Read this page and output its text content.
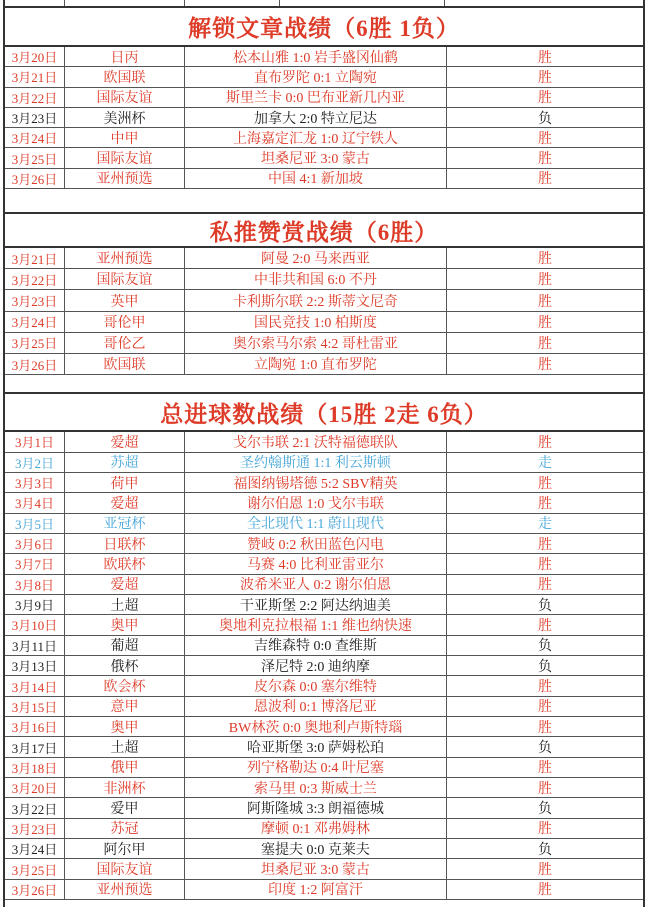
解锁文章战绩（6胜 1负）
3月20日	日丙	松本山雅 1:0 岩手盛冈仙鹤	胜
3月21日	欧国联	直布罗陀 0:1 立陶宛	胜
3月22日	国际友谊	斯里兰卡 0:0 巴布亚新几内亚	胜
3月23日	美洲杯	加拿大 2:0 特立尼达	负
3月24日	中甲	上海嘉定汇龙 1:0 辽宁铁人	胜
3月25日	国际友谊	坦桑尼亚 3:0 蒙古	胜
3月26日	亚州预选	中国 4:1 新加坡	胜
私推赞赏战绩（6胜）
3月21日	亚州预选	阿曼 2:0 马来西亚	胜
3月22日	国际友谊	中非共和国 6:0 不丹	胜
3月23日	英甲	卡利斯尔联 2:2 斯蒂文尼奇	胜
3月24日	哥伦甲	国民竞技 1:0 柏斯度	胜
3月25日	哥伦乙	奥尔索马尔索 4:2 哥杜雷亚	胜
3月26日	欧国联	立陶宛 1:0 直布罗陀	胜
总进球数战绩（15胜 2走 6负）
3月1日	爱超	戈尔韦联 2:1 沃特福德联队	胜
3月2日	苏超	圣约翰斯通 1:1 利云斯顿	走
3月3日	荷甲	福图纳锡塔德 5:2 SBV精英	胜
3月4日	爱超	谢尔伯恩 1:0 戈尔韦联	胜
3月5日	亚冠杯	全北现代 1:1 蔚山现代	走
3月6日	日联杯	赞岐 0:2 秋田蓝色闪电	胜
3月7日	欧联杯	马赛 4:0 比利亚雷亚尔	胜
3月8日	爱超	波希米亚人 0:2 谢尔伯恩	胜
3月9日	土超	干亚斯堡 2:2 阿达纳迪美	负
3月10日	奥甲	奥地利克拉根福 1:1 维也纳快速	胜
3月11日	葡超	吉维森特 0:0 查维斯	负
3月13日	俄杯	泽尼特 2:0 迪纳摩	负
3月14日	欧会杯	皮尔森 0:0 塞尔维特	胜
3月15日	意甲	恩波利 0:1 博洛尼亚	胜
3月16日	奥甲	BW林茨 0:0 奥地利卢斯特瑙	胜
3月17日	土超	哈亚斯堡 3:0 萨姆松珀	负
3月18日	俄甲	列宁格勒达 0:4 叶尼塞	胜
3月20日	非洲杯	索马里 0:3 斯威士兰	胜
3月22日	爱甲	阿斯隆城 3:3 朗福德城	负
3月23日	苏冠	摩顿 0:1 邓弗姆林	胜
3月24日	阿尔甲	塞提夫 0:0 克莱夫	负
3月25日	国际友谊	坦桑尼亚 3:0 蒙古	胜
3月26日	亚州预选	印度 1:2 阿富汗	胜
